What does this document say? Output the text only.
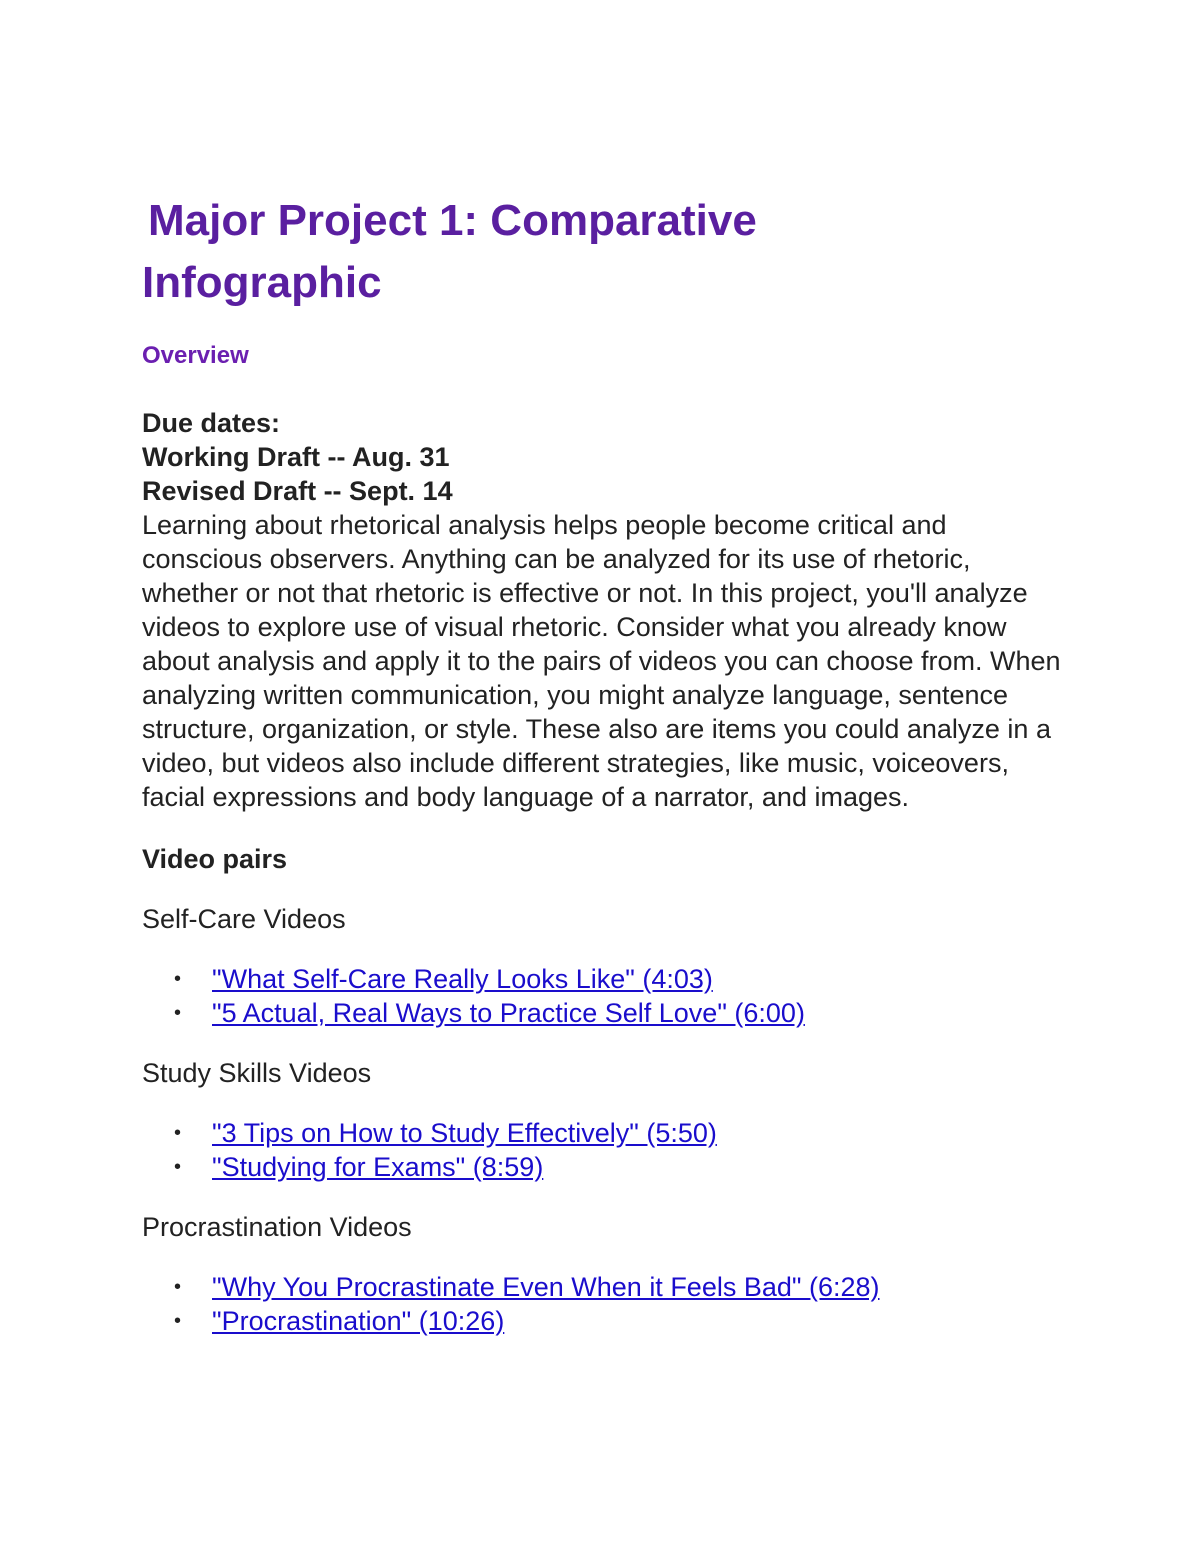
Major Project 1: Comparative
Infographic
Overview
Due dates:
Working Draft -- Aug. 31
Revised Draft -- Sept. 14

Learning about rhetorical analysis helps people become critical and conscious observers. Anything can be analyzed for its use of rhetoric, whether or not that rhetoric is effective or not. In this project, you'll analyze videos to explore use of visual rhetoric. Consider what you already know about analysis and apply it to the pairs of videos you can choose from. When analyzing written communication, you might analyze language, sentence structure, organization, or style. These also are items you could analyze in a video, but videos also include different strategies, like music, voiceovers, facial expressions and body language of a narrator, and images.

Video pairs
Self-Care Videos
• "What Self-Care Really Looks Like" (4:03)
• "5 Actual, Real Ways to Practice Self Love" (6:00)
Study Skills Videos
• "3 Tips on How to Study Effectively" (5:50)
• "Studying for Exams" (8:59)
Procrastination Videos
• "Why You Procrastinate Even When it Feels Bad" (6:28)
• "Procrastination" (10:26)
